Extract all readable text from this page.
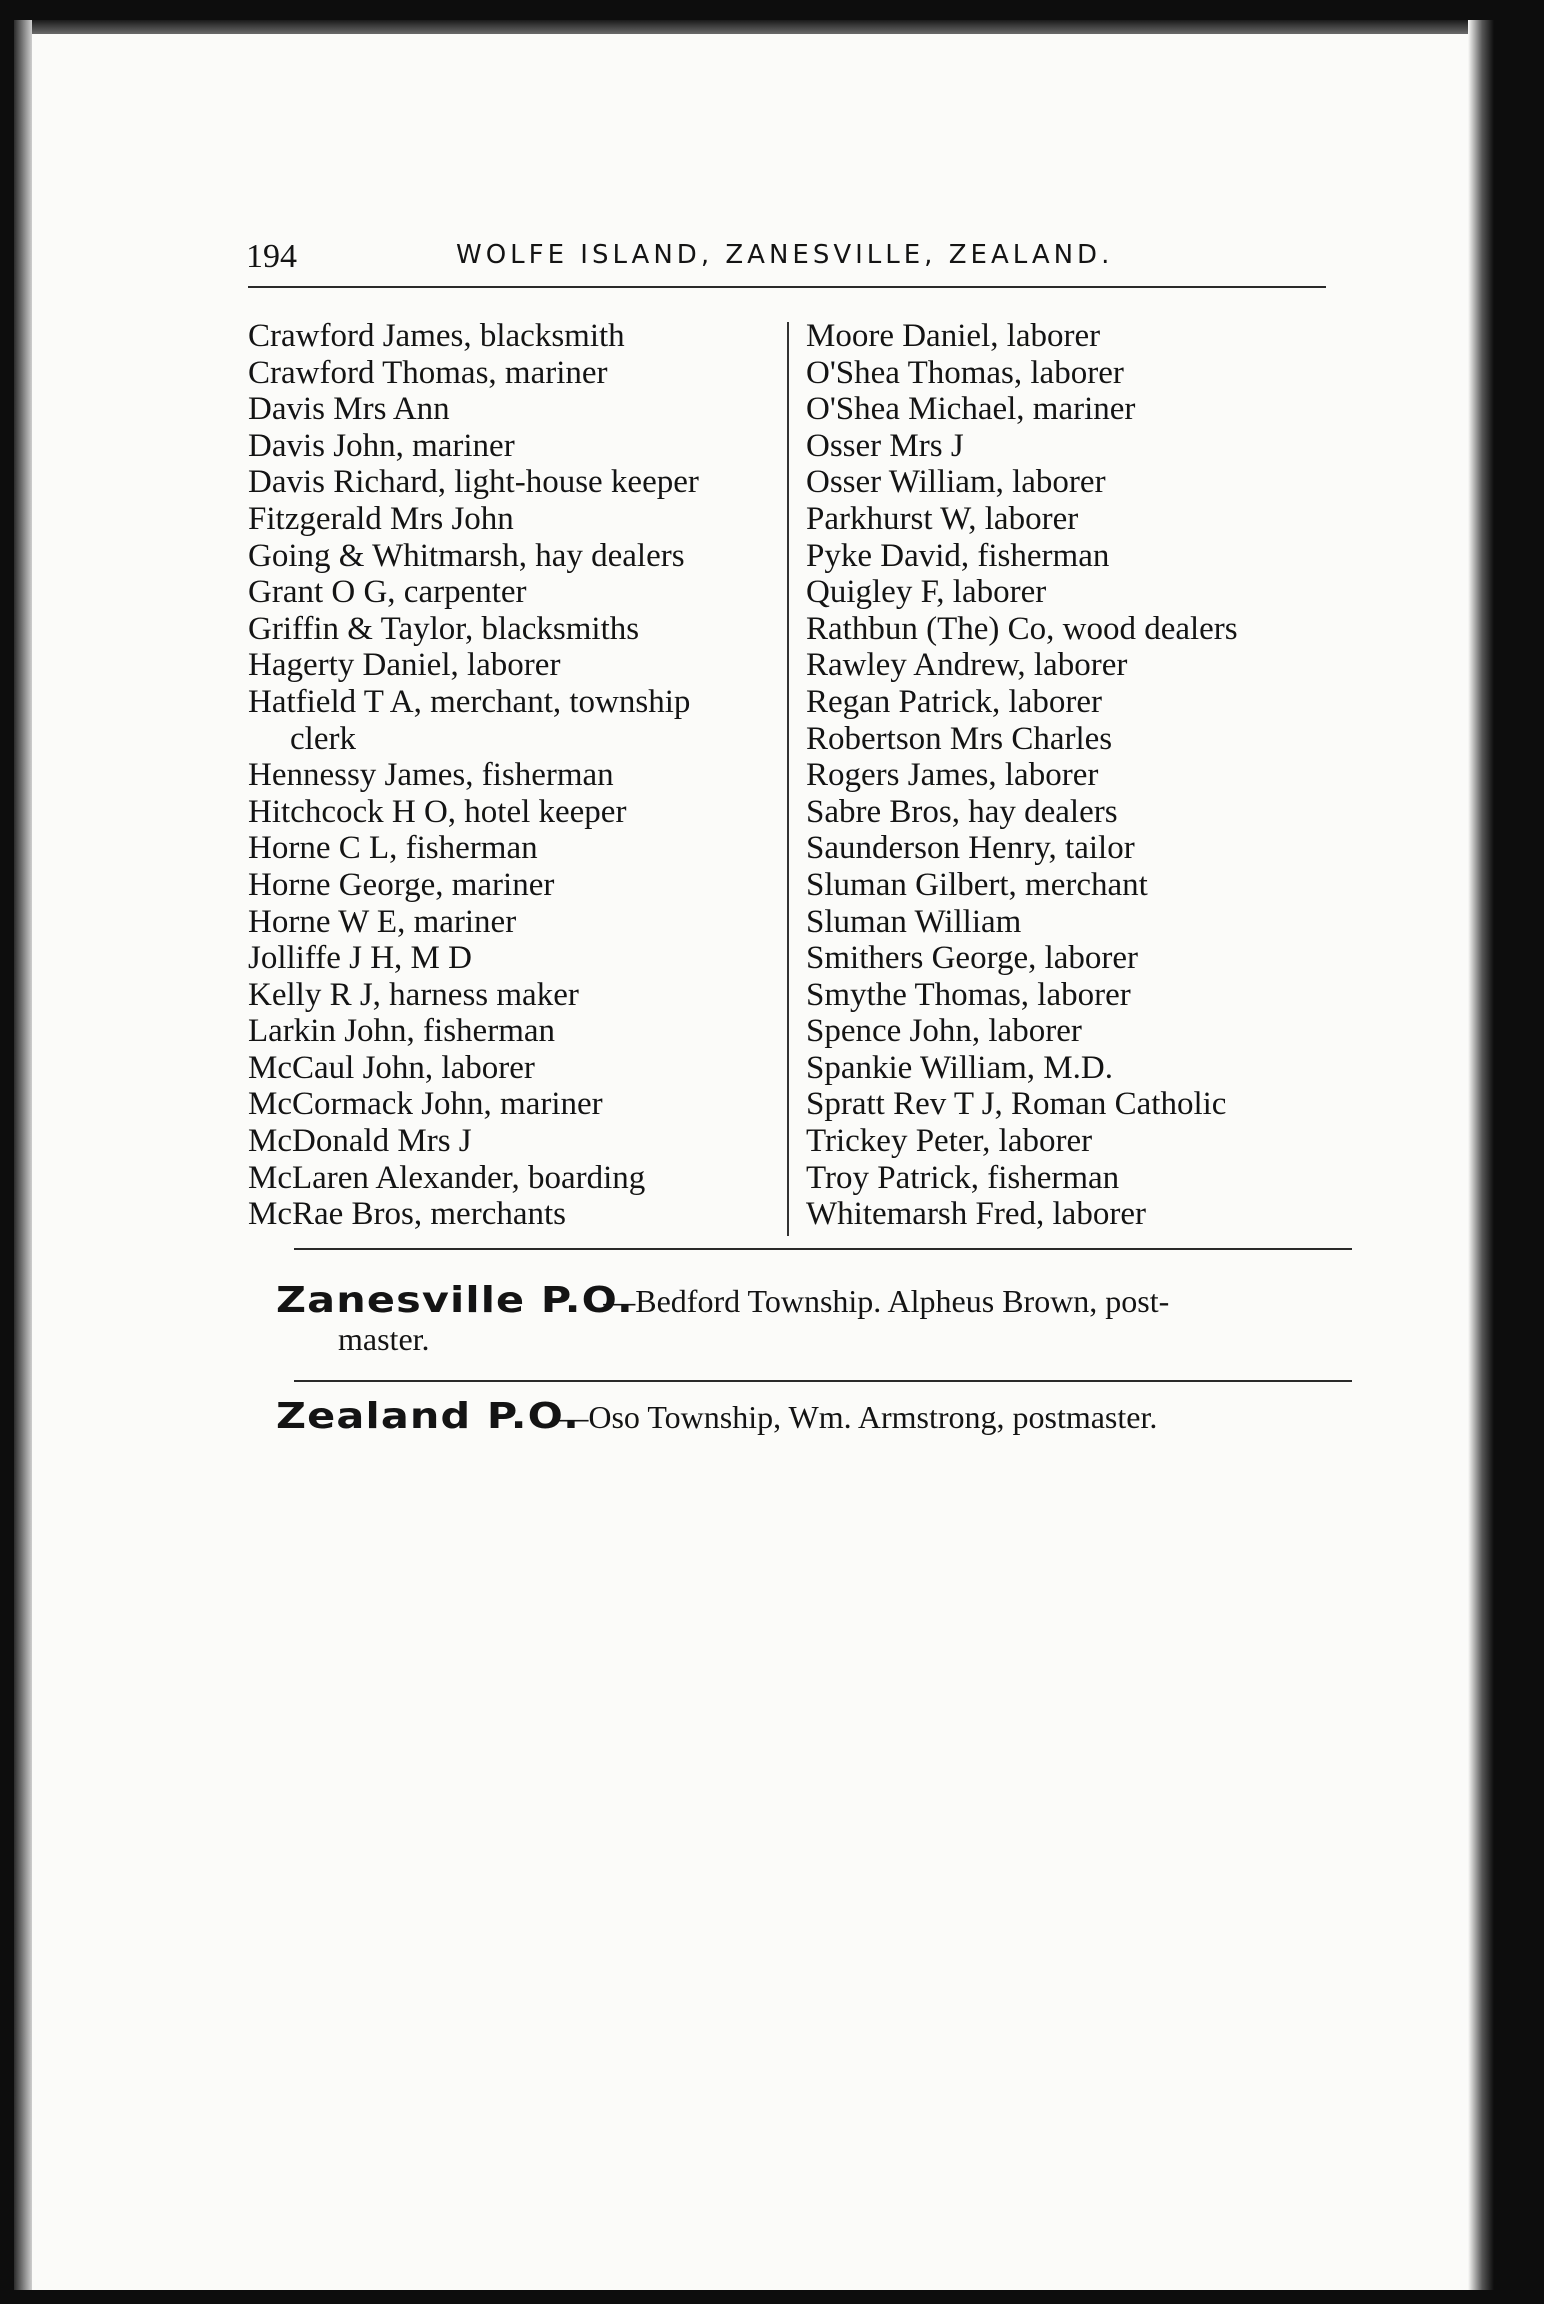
194	WOLFE ISLAND, ZANESVILLE, ZEALAND.
Crawford James, blacksmith
Crawford Thomas, mariner
Davis Mrs Ann
Davis John, mariner
Davis Richard, light-house keeper
Fitzgerald Mrs John
Going & Whitmarsh, hay dealers
Grant O G, carpenter
Griffin & Taylor, blacksmiths
Hagerty Daniel, laborer
Hatfield T A, merchant, township
clerk
Hennessy James, fisherman
Hitchcock H O, hotel keeper
Horne C L, fisherman
Horne George, mariner
Horne W E, mariner
Jolliffe J H, M D
Kelly R J, harness maker
Larkin John, fisherman
McCaul John, laborer
McCormack John, mariner
McDonald Mrs J
McLaren Alexander, boarding
McRae Bros, merchants
Moore Daniel, laborer
O'Shea Thomas, laborer
O'Shea Michael, mariner
Osser Mrs J
Osser William, laborer
Parkhurst W, laborer
Pyke David, fisherman
Quigley F, laborer
Rathbun (The) Co, wood dealers
Rawley Andrew, laborer
Regan Patrick, laborer
Robertson Mrs Charles
Rogers James, laborer
Sabre Bros, hay dealers
Saunderson Henry, tailor
Sluman Gilbert, merchant
Sluman William
Smithers George, laborer
Smythe Thomas, laborer
Spence John, laborer
Spankie William, M.D.
Spratt Rev T J, Roman Catholic
Trickey Peter, laborer
Troy Patrick, fisherman
Whitemarsh Fred, laborer
Zanesville P.O.—Bedford Township. Alpheus Brown, post-
master.
Zealand P.O.—Oso Township, Wm. Armstrong, postmaster.
